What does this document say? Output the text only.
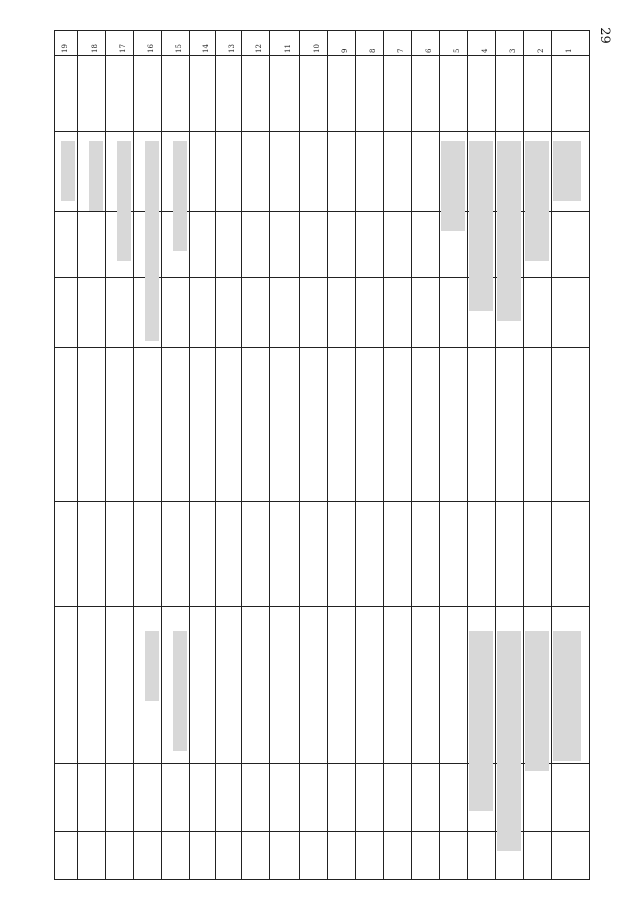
29
1
2
3
4
5
6
7
8
9
10
11
12
13
14
15
16
17
18
19
